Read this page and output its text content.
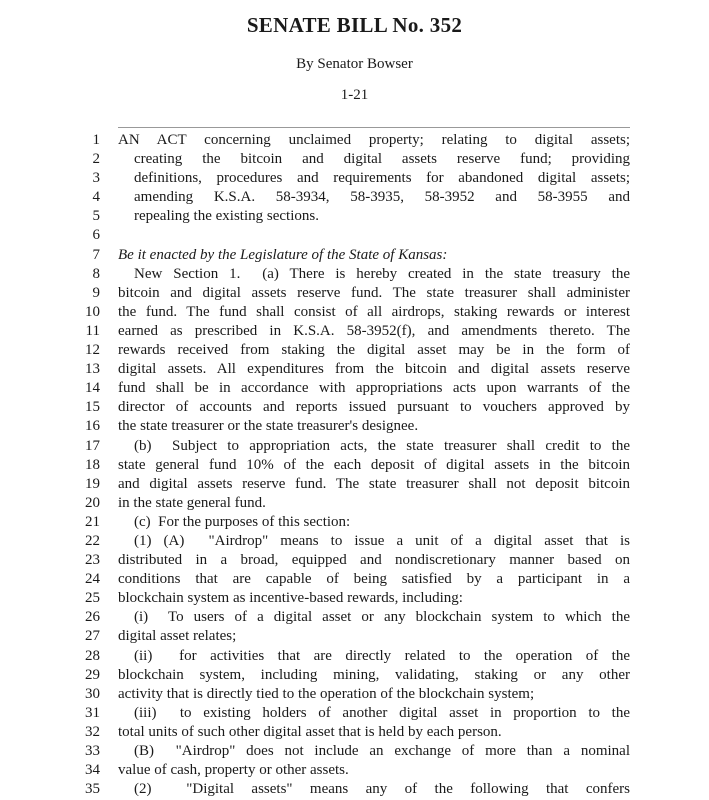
SENATE BILL No. 352
By Senator Bowser
1-21
1 AN ACT concerning unclaimed property; relating to digital assets;
2	creating the bitcoin and digital assets reserve fund; providing
3	definitions, procedures and requirements for abandoned digital assets;
4	amending K.S.A. 58-3934, 58-3935, 58-3952 and 58-3955 and
5	repealing the existing sections.
6
7 Be it enacted by the Legislature of the State of Kansas:
8	New Section 1.  (a) There is hereby created in the state treasury the
9 bitcoin and digital assets reserve fund. The state treasurer shall administer
10 the fund. The fund shall consist of all airdrops, staking rewards or interest
11 earned as prescribed in K.S.A. 58-3952(f), and amendments thereto. The
12 rewards received from staking the digital asset may be in the form of
13 digital assets. All expenditures from the bitcoin and digital assets reserve
14 fund shall be in accordance with appropriations acts upon warrants of the
15 director of accounts and reports issued pursuant to vouchers approved by
16 the state treasurer or the state treasurer's designee.
17	(b)  Subject to appropriation acts, the state treasurer shall credit to the
18 state general fund 10% of the each deposit of digital assets in the bitcoin
19 and digital assets reserve fund. The state treasurer shall not deposit bitcoin
20 in the state general fund.
21	(c)  For the purposes of this section:
22	(1) (A)  "Airdrop" means to issue a unit of a digital asset that is
23 distributed in a broad, equipped and nondiscretionary manner based on
24 conditions that are capable of being satisfied by a participant in a
25 blockchain system as incentive-based rewards, including:
26	(i)  To users of a digital asset or any blockchain system to which the
27 digital asset relates;
28	(ii)  for activities that are directly related to the operation of the
29 blockchain system, including mining, validating, staking or any other
30 activity that is directly tied to the operation of the blockchain system;
31	(iii)  to existing holders of another digital asset in proportion to the
32 total units of such other digital asset that is held by each person.
33	(B)  "Airdrop" does not include an exchange of more than a nominal
34 value of cash, property or other assets.
35	(2)  "Digital assets" means any of the following that confers
